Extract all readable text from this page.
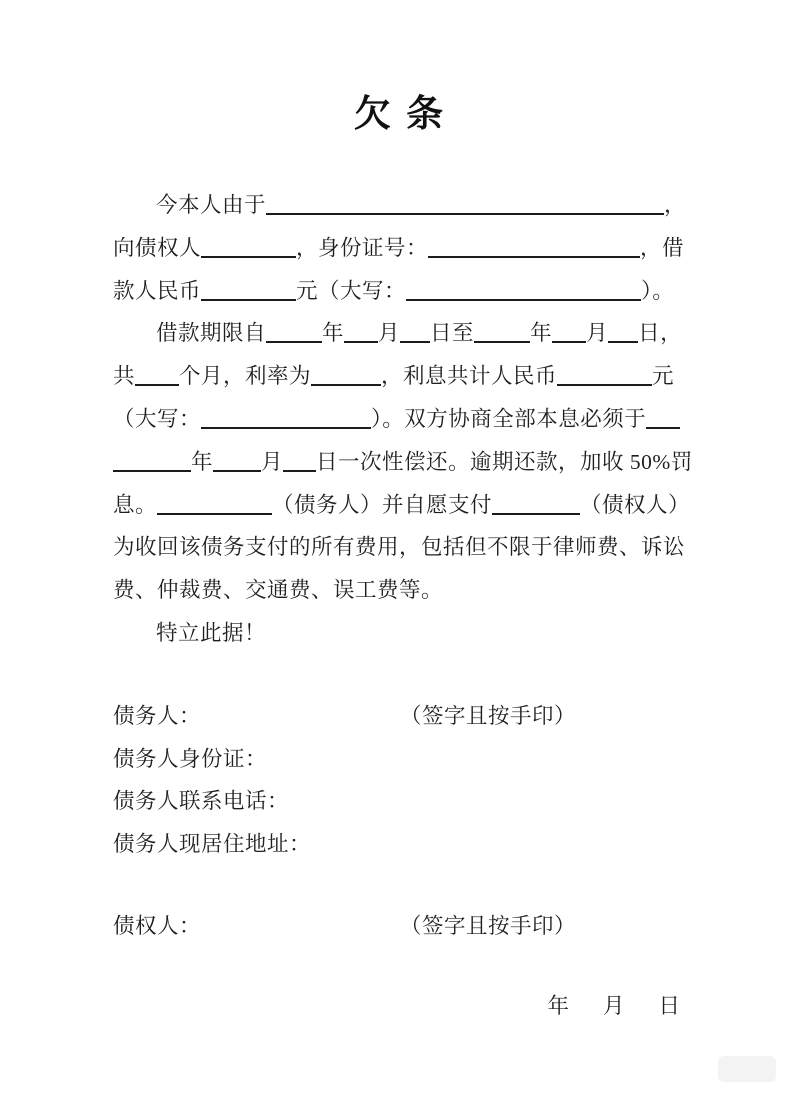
欠 条
今本人由于	，
向债权人	，身份证号：	，借
款人民币	元（大写：	）。
借款期限自	年 月 日至	年 月 日，
共 个月，利率为	，利息共计人民币	元
（大写：	）。双方协商全部本息必须于
年 月 日一次性偿还。逾期还款，加收 50%罚
息。	（债务人）并自愿支付	（债权人）
为收回该债务支付的所有费用，包括但不限于律师费、诉讼
费、仲裁费、交通费、误工费等。
特立此据！
债务人：	（签字且按手印）
债务人身份证：
债务人联系电话：
债务人现居住地址：
债权人：	（签字且按手印）
年 月 日
